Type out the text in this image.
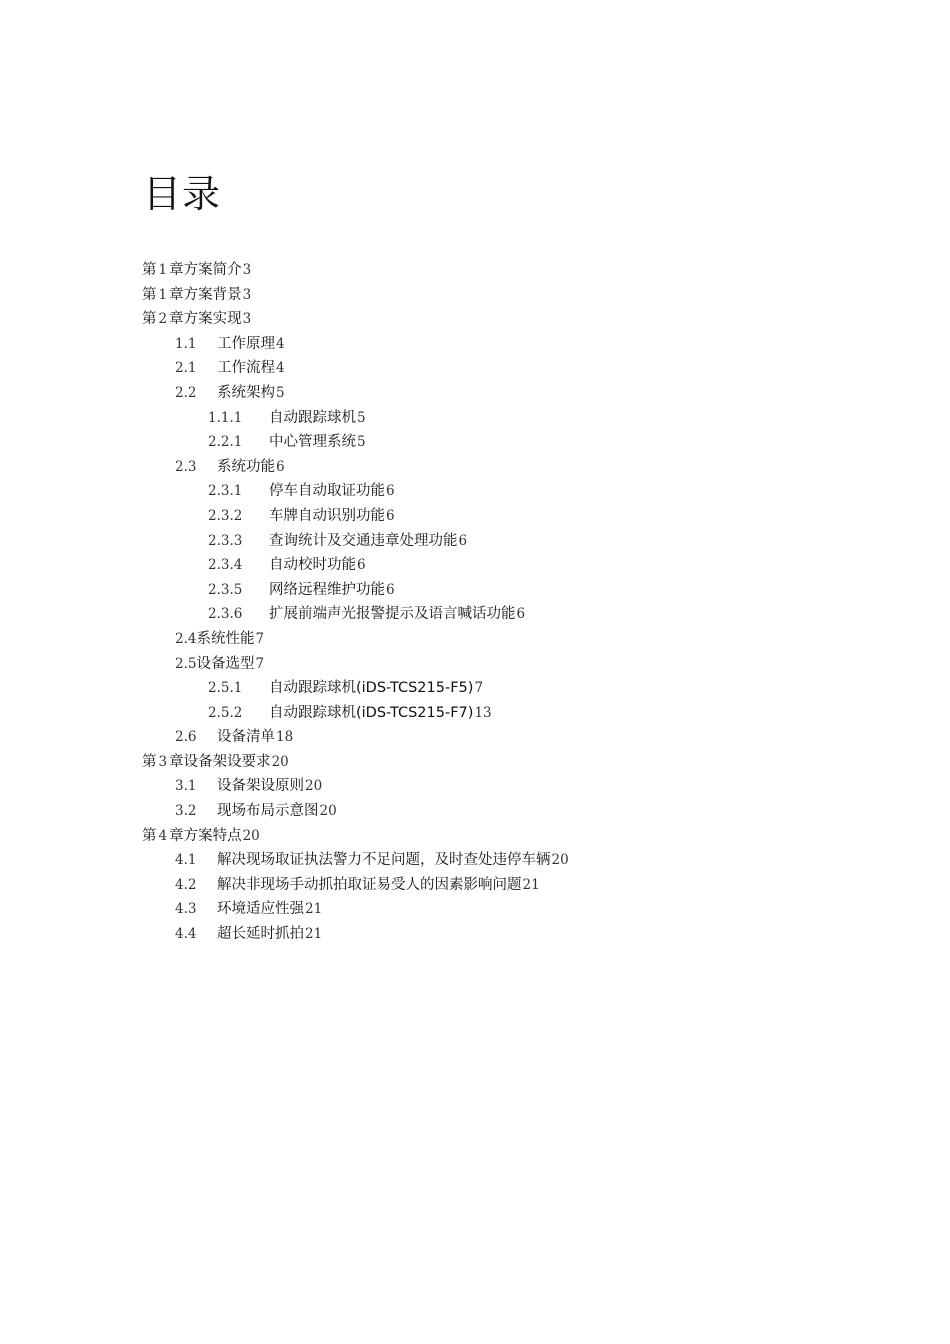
目录
第 1 章方案简介3
第 1 章方案背景3
第 2 章方案实现3
1.1 工作原理4
2.1 工作流程4
2.2 系统架构5
1.1.1 自动跟踪球机5
2.2.1 中心管理系统5
2.3 系统功能6
2.3.1 停车自动取证功能6
2.3.2 车牌自动识别功能6
2.3.3 查询统计及交通违章处理功能6
2.3.4 自动校时功能6
2.3.5 网络远程维护功能6
2.3.6 扩展前端声光报警提示及语言喊话功能6
2.4系统性能7
2.5设备选型7
2.5.1 自动跟踪球机(iDS-TCS215-F5)7
2.5.2 自动跟踪球机(iDS-TCS215-F7)13
2.6 设备清单18
第 3 章设备架设要求20
3.1 设备架设原则20
3.2 现场布局示意图20
第 4 章方案特点20
4.1 解决现场取证执法警力不足问题，及时查处违停车辆20
4.2 解决非现场手动抓拍取证易受人的因素影响问题21
4.3 环境适应性强21
4.4 超长延时抓拍21
